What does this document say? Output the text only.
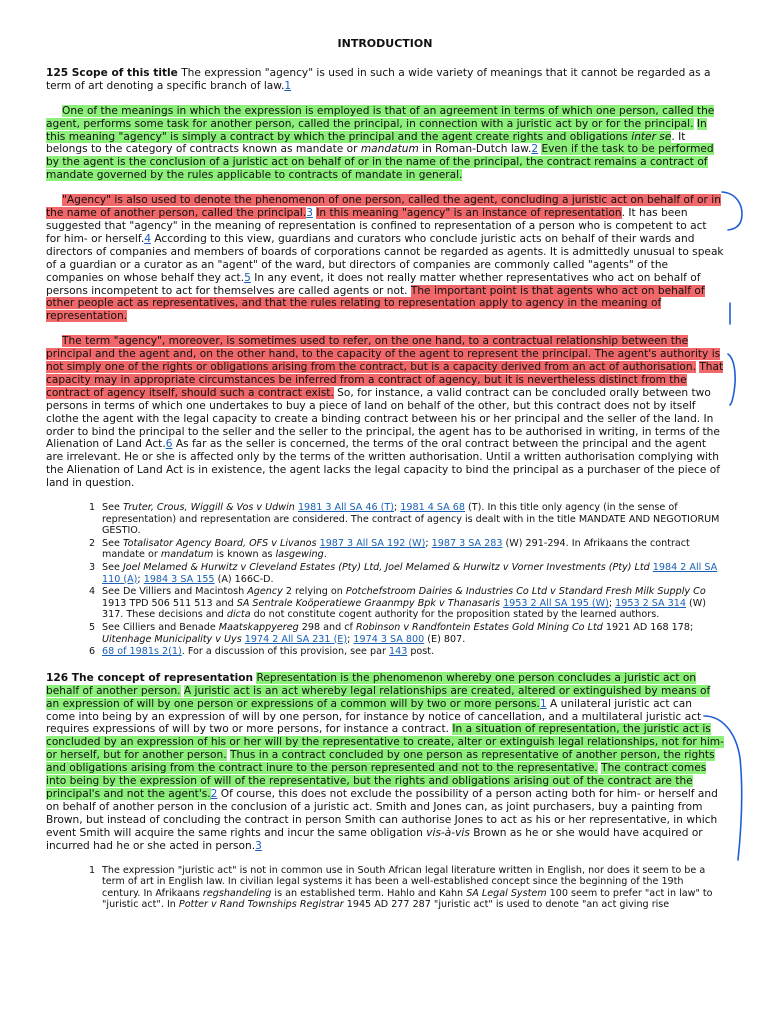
INTRODUCTION

125 Scope of this title The expression "agency" is used in such a wide variety of meanings that it cannot be regarded as a term of art denoting a specific branch of law.1

One of the meanings in which the expression is employed is that of an agreement in terms of which one person, called the agent, performs some task for another person, called the principal, in connection with a juristic act by or for the principal. In this meaning "agency" is simply a contract by which the principal and the agent create rights and obligations inter se. It belongs to the category of contracts known as mandate or mandatum in Roman-Dutch law.2 Even if the task to be performed by the agent is the conclusion of a juristic act on behalf of or in the name of the principal, the contract remains a contract of mandate governed by the rules applicable to contracts of mandate in general.

"Agency" is also used to denote the phenomenon of one person, called the agent, concluding a juristic act on behalf of or in the name of another person, called the principal.3 In this meaning "agency" is an instance of representation. It has been suggested that "agency" in the meaning of representation is confined to representation of a person who is competent to act for him- or herself.4 According to this view, guardians and curators who conclude juristic acts on behalf of their wards and directors of companies and members of boards of corporations cannot be regarded as agents. It is admittedly unusual to speak of a guardian or a curator as an "agent" of the ward, but directors of companies are commonly called "agents" of the companies on whose behalf they act.5 In any event, it does not really matter whether representatives who act on behalf of persons incompetent to act for themselves are called agents or not. The important point is that agents who act on behalf of other people act as representatives, and that the rules relating to representation apply to agency in the meaning of representation.

The term "agency", moreover, is sometimes used to refer, on the one hand, to a contractual relationship between the principal and the agent and, on the other hand, to the capacity of the agent to represent the principal. The agent's authority is not simply one of the rights or obligations arising from the contract, but is a capacity derived from an act of authorisation. That capacity may in appropriate circumstances be inferred from a contract of agency, but it is nevertheless distinct from the contract of agency itself, should such a contract exist. So, for instance, a valid contract can be concluded orally between two persons in terms of which one undertakes to buy a piece of land on behalf of the other, but this contract does not by itself clothe the agent with the legal capacity to create a binding contract between his or her principal and the seller of the land. In order to bind the principal to the seller and the seller to the principal, the agent has to be authorised in writing, in terms of the Alienation of Land Act.6 As far as the seller is concerned, the terms of the oral contract between the principal and the agent are irrelevant. He or she is affected only by the terms of the written authorisation. Until a written authorisation complying with the Alienation of Land Act is in existence, the agent lacks the legal capacity to bind the principal as a purchaser of the piece of land in question.

1 See Truter, Crous, Wiggill & Vos v Udwin 1981 3 All SA 46 (T); 1981 4 SA 68 (T). In this title only agency (in the sense of representation) and representation are considered. The contract of agency is dealt with in the title MANDATE AND NEGOTIORUM GESTIO.
2 See Totalisator Agency Board, OFS v Livanos 1987 3 All SA 192 (W); 1987 3 SA 283 (W) 291-294. In Afrikaans the contract mandate or mandatum is known as lasgewing.
3 See Joel Melamed & Hurwitz v Cleveland Estates (Pty) Ltd, Joel Melamed & Hurwitz v Vorner Investments (Pty) Ltd 1984 2 All SA 110 (A); 1984 3 SA 155 (A) 166C-D.
4 See De Villiers and Macintosh Agency 2 relying on Potchefstroom Dairies & Industries Co Ltd v Standard Fresh Milk Supply Co 1913 TPD 506 511 513 and SA Sentrale Koöperatiewe Graanmpy Bpk v Thanasaris 1953 2 All SA 195 (W); 1953 2 SA 314 (W) 317. These decisions and dicta do not constitute cogent authority for the proposition stated by the learned authors.
5 See Cilliers and Benade Maatskappyereg 298 and cf Robinson v Randfontein Estates Gold Mining Co Ltd 1921 AD 168 178; Uitenhage Municipality v Uys 1974 2 All SA 231 (E); 1974 3 SA 800 (E) 807.
6 68 of 1981s 2(1). For a discussion of this provision, see par 143 post.

126 The concept of representation Representation is the phenomenon whereby one person concludes a juristic act on behalf of another person. A juristic act is an act whereby legal relationships are created, altered or extinguished by means of an expression of will by one person or expressions of a common will by two or more persons.1 A unilateral juristic act can come into being by an expression of will by one person, for instance by notice of cancellation, and a multilateral juristic act requires expressions of will by two or more persons, for instance a contract. In a situation of representation, the juristic act is concluded by an expression of his or her will by the representative to create, alter or extinguish legal relationships, not for him- or herself, but for another person. Thus in a contract concluded by one person as representative of another person, the rights and obligations arising from the contract inure to the person represented and not to the representative. The contract comes into being by the expression of will of the representative, but the rights and obligations arising out of the contract are the principal's and not the agent's.2 Of course, this does not exclude the possibility of a person acting both for him- or herself and on behalf of another person in the conclusion of a juristic act. Smith and Jones can, as joint purchasers, buy a painting from Brown, but instead of concluding the contract in person Smith can authorise Jones to act as his or her representative, in which event Smith will acquire the same rights and incur the same obligation vis-à-vis Brown as he or she would have acquired or incurred had he or she acted in person.3

1 The expression "juristic act" is not in common use in South African legal literature written in English, nor does it seem to be a term of art in English law. In civilian legal systems it has been a well-established concept since the beginning of the 19th century. In Afrikaans regshandeling is an established term. Hahlo and Kahn SA Legal System 100 seem to prefer "act in law" to "juristic act". In Potter v Rand Townships Registrar 1945 AD 277 287 "juristic act" is used to denote "an act giving rise
